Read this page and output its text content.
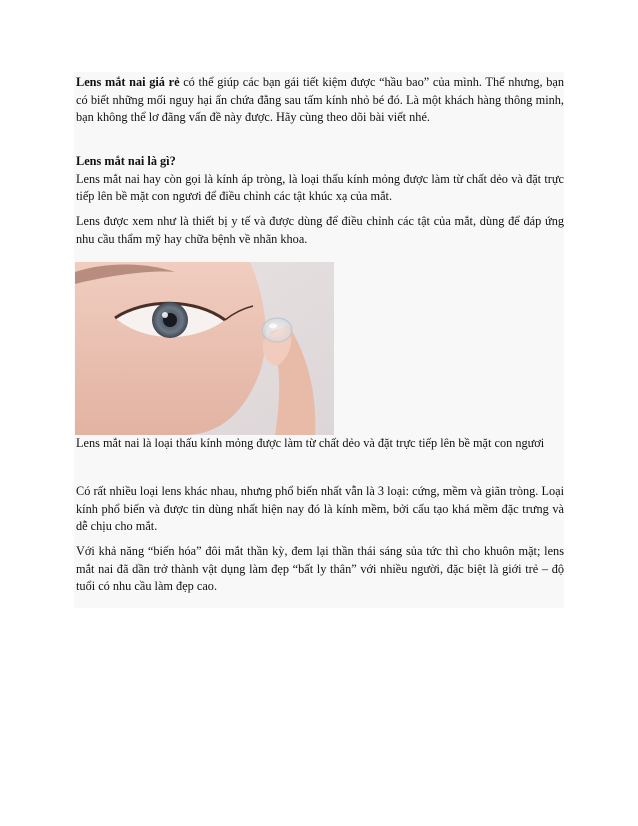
Lens mắt nai giá rẻ có thể giúp các bạn gái tiết kiệm được “hầu bao” của mình. Thế nhưng, bạn có biết những mối nguy hại ẩn chứa đằng sau tấm kính nhỏ bé đó. Là một khách hàng thông minh, bạn không thể lơ đãng vấn đề này được. Hãy cùng theo dõi bài viết nhé.

Lens mắt nai là gì?
Lens mắt nai hay còn gọi là kính áp tròng, là loại thấu kính mỏng được làm từ chất dẻo và đặt trực tiếp lên bề mặt con ngươi để điều chỉnh các tật khúc xạ của mắt.

Lens được xem như là thiết bị y tế và được dùng để điều chỉnh các tật của mắt, dùng để đáp ứng nhu cầu thẩm mỹ hay chữa bệnh về nhãn khoa.

Lens mắt nai là loại thấu kính mỏng được làm từ chất dẻo và đặt trực tiếp lên bề mặt con ngươi

Có rất nhiều loại lens khác nhau, nhưng phổ biến nhất vẫn là 3 loại: cứng, mềm và giãn tròng. Loại kính phổ biến và được tin dùng nhất hiện nay đó là kính mềm, bởi cấu tạo khá mềm đặc trưng và dễ chịu cho mắt.

Với khả năng “biến hóa” đôi mắt thần kỳ, đem lại thần thái sáng sủa tức thì cho khuôn mặt; lens mắt nai đã dần trở thành vật dụng làm đẹp “bất ly thân” với nhiều người, đặc biệt là giới trẻ – độ tuổi có nhu cầu làm đẹp cao.
